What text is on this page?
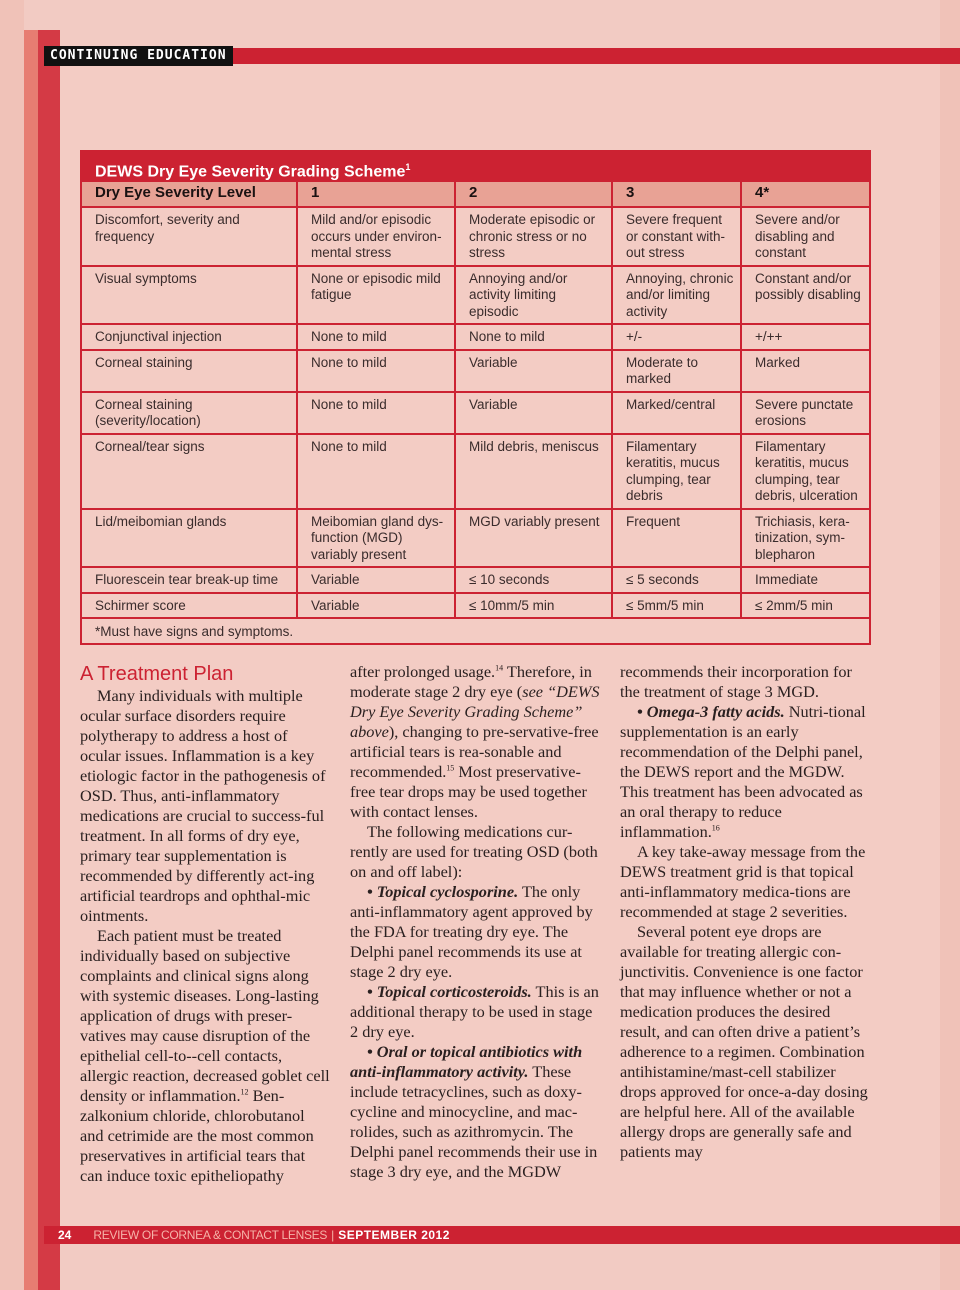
CONTINUING EDUCATION
DEWS Dry Eye Severity Grading Scheme$^1$
Dry Eye Severity Level	1	2	3	4*
Discomfort, severity and frequency	Mild and/or episodic occurs under environ-mental stress	Moderate episodic or chronic stress or no stress	Severe frequent or constant with-out stress	Severe and/or disabling and constant
Visual symptoms	None or episodic mild fatigue	Annoying and/or activity limiting episodic	Annoying, chronic and/or limiting activity	Constant and/or possibly disabling
Conjunctival injection	None to mild	None to mild	+/-	+/++
Corneal staining	None to mild	Variable	Moderate to marked	Marked
Corneal staining (severity/location)	None to mild	Variable	Marked/central	Severe punctate erosions
Corneal/tear signs	None to mild	Mild debris, meniscus	Filamentary keratitis, mucus clumping, tear debris	Filamentary keratitis, mucus clumping, tear debris, ulceration
Lid/meibomian glands	Meibomian gland dys-function (MGD) variably present	MGD variably present	Frequent	Trichiasis, kera-tinization, sym-blepharon
Fluorescein tear break-up time	Variable	≤ 10 seconds	≤ 5 seconds	Immediate
Schirmer score	Variable	≤ 10mm/5 min	≤ 5mm/5 min	≤ 2mm/5 min
*Must have signs and symptoms.				
A Treatment Plan

Many individuals with multiple ocular surface disorders require polytherapy to address a host of ocular issues. Inflammation is a key etiologic factor in the pathogenesis of OSD. Thus, anti-inflammatory medications are crucial to success-ful treatment. In all forms of dry eye, primary tear supplementation is recommended by differently act-ing artificial teardrops and ophthal-mic ointments.

Each patient must be treated individually based on subjective complaints and clinical signs along with systemic diseases. Long-lasting application of drugs with preser-vatives may cause disruption of the epithelial cell-to--cell contacts, allergic reaction, decreased goblet cell density or inflammation.$^{12}$ Ben-zalkonium chloride, chlorobutanol and cetrimide are the most common preservatives in artificial tears that can induce toxic epitheliopathy

after prolonged usage.$^{14}$ Therefore, in moderate stage 2 dry eye (see “DEWS Dry Eye Severity Grading Scheme” above), changing to pre-servative-free artificial tears is rea-sonable and recommended.$^{15}$ Most preservative-free tear drops may be used together with contact lenses.

The following medications cur-rently are used for treating OSD (both on and off label):

• Topical cyclosporine. The only anti-inflammatory agent approved by the FDA for treating dry eye. The Delphi panel recommends its use at stage 2 dry eye.

• Topical corticosteroids. This is an additional therapy to be used in stage 2 dry eye.

• Oral or topical antibiotics with anti-inflammatory activity. These include tetracyclines, such as doxy-cycline and minocycline, and mac-rolides, such as azithromycin. The Delphi panel recommends their use in stage 3 dry eye, and the MGDW

recommends their incorporation for the treatment of stage 3 MGD.

• Omega-3 fatty acids. Nutri-tional supplementation is an early recommendation of the Delphi panel, the DEWS report and the MGDW. This treatment has been advocated as an oral therapy to reduce inflammation.$^{16}$

A key take-away message from the DEWS treatment grid is that topical anti-inflammatory medica-tions are recommended at stage 2 severities.

Several potent eye drops are available for treating allergic con-junctivitis. Convenience is one factor that may influence whether or not a medication produces the desired result, and can often drive a patient’s adherence to a regimen. Combination antihistamine/mast-cell stabilizer drops approved for once-a-day dosing are helpful here. All of the available allergy drops are generally safe and patients may

24 REVIEW OF CORNEA & CONTACT LENSES | SEPTEMBER 2012
